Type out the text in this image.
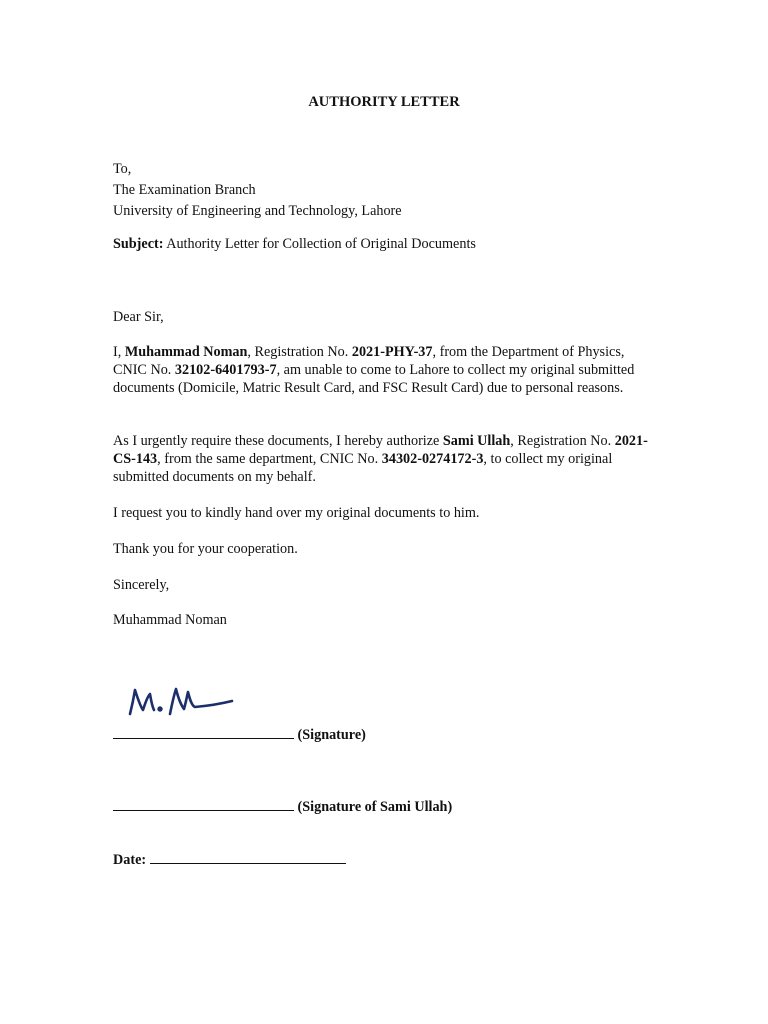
AUTHORITY LETTER
To,
The Examination Branch
University of Engineering and Technology, Lahore
Subject: Authority Letter for Collection of Original Documents
Dear Sir,
I, Muhammad Noman, Registration No. 2021-PHY-37, from the Department of Physics, CNIC No. 32102-6401793-7, am unable to come to Lahore to collect my original submitted documents (Domicile, Matric Result Card, and FSC Result Card) due to personal reasons.
As I urgently require these documents, I hereby authorize Sami Ullah, Registration No. 2021-CS-143, from the same department, CNIC No. 34302-0274172-3, to collect my original submitted documents on my behalf.
I request you to kindly hand over my original documents to him.
Thank you for your cooperation.
Sincerely,
Muhammad Noman
(Signature)
(Signature of Sami Ullah)
Date:
